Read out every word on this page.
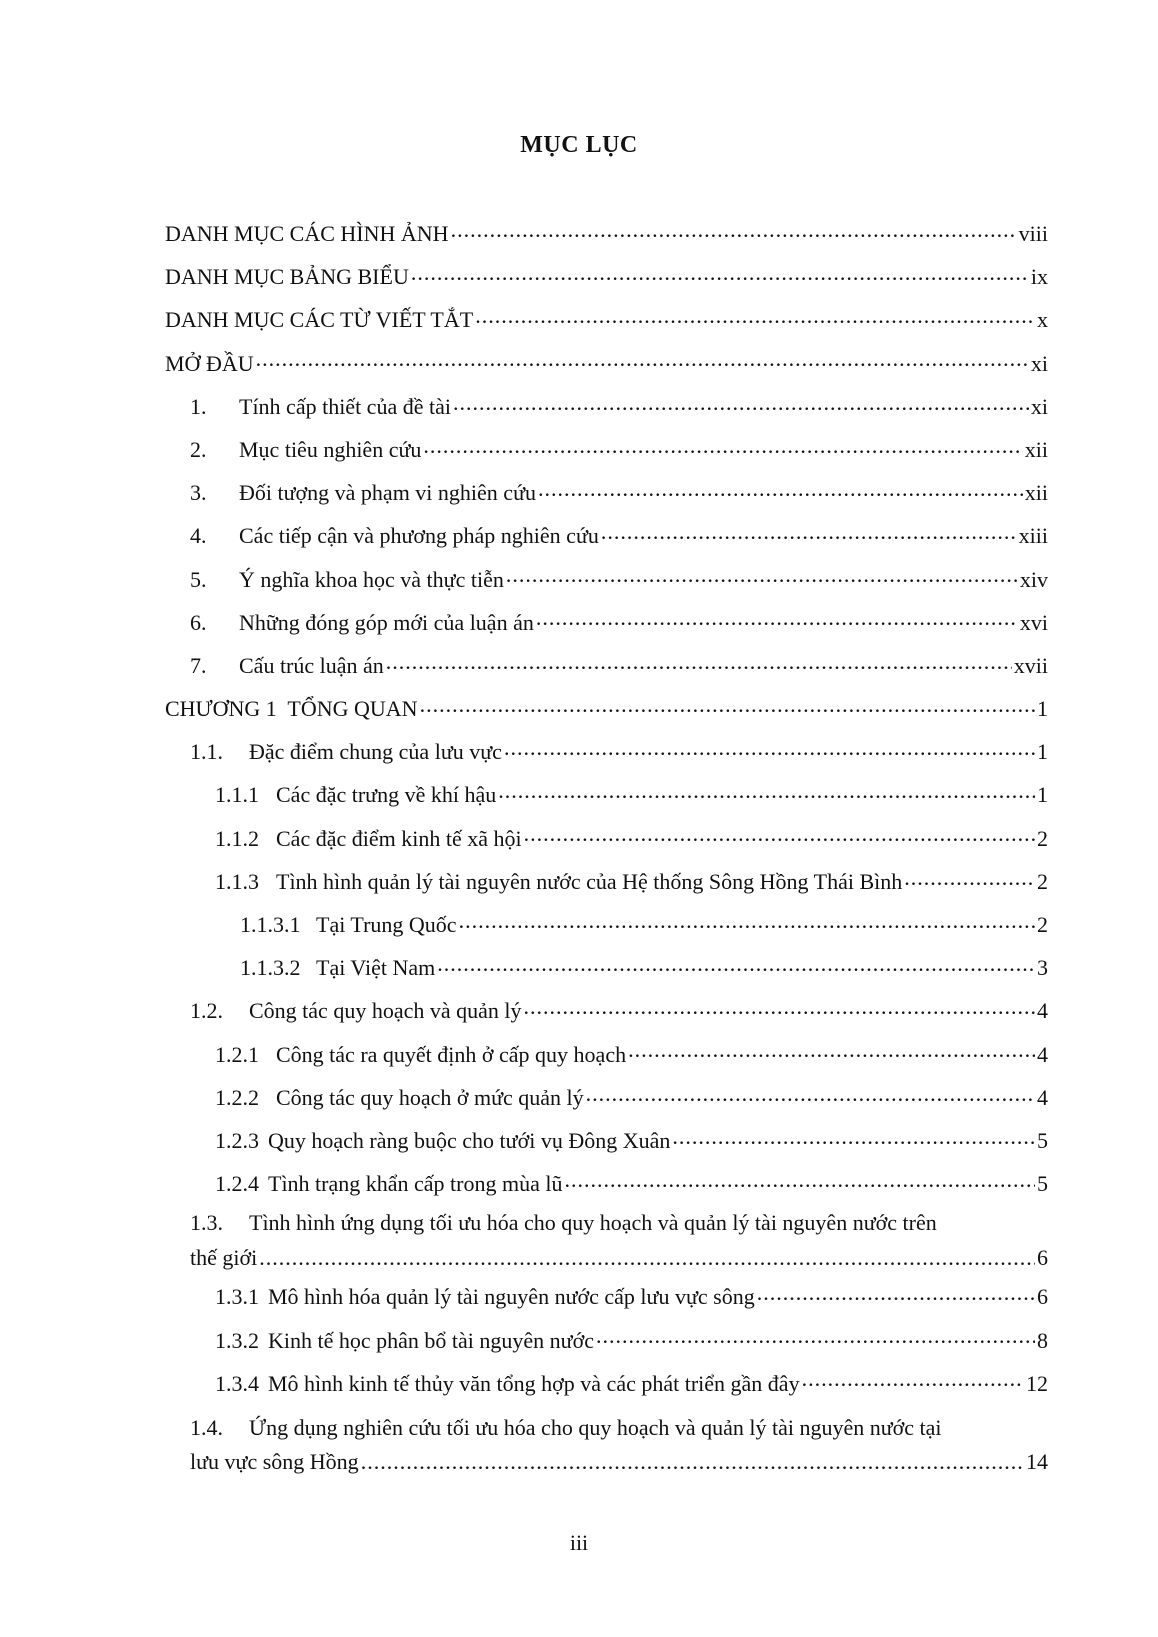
MỤC LỤC
DANH MỤC CÁC HÌNH ẢNH .....	viii
DANH MỤC BẢNG BIỂU .....	ix
DANH MỤC CÁC TỪ VIẾT TẮT .....	x
MỞ ĐẦU .....	xi
1.	Tính cấp thiết của đề tài .....	xi
2.	Mục tiêu nghiên cứu .....	xii
3.	Đối tượng và phạm vi nghiên cứu .....	xii
4.	Các tiếp cận và phương pháp nghiên cứu .....	xiii
5.	Ý nghĩa khoa học và thực tiễn .....	xiv
6.	Những đóng góp mới của luận án .....	xvi
7.	Cấu trúc luận án .....	xvii
CHƯƠNG 1  TỔNG QUAN .....	1
1.1.	Đặc điểm chung của lưu vực .....	1
1.1.1 Các đặc trưng về khí hậu .....	1
1.1.2 Các đặc điểm kinh tế xã hội .....	2
1.1.3 Tình hình quản lý tài nguyên nước của Hệ thống Sông Hồng Thái Bình .....	2
1.1.3.1 Tại Trung Quốc .....	2
1.1.3.2 Tại Việt Nam .....	3
1.2.	Công tác quy hoạch và quản lý .....	4
1.2.1 Công tác ra quyết định ở cấp quy hoạch .....	4
1.2.2 Công tác quy hoạch ở mức quản lý .....	4
1.2.3 Quy hoạch ràng buộc cho tưới vụ Đông Xuân .....	5
1.2.4 Tình trạng khẩn cấp trong mùa lũ .....	5
1.3. Tình hình ứng dụng tối ưu hóa cho quy hoạch và quản lý tài nguyên nước trên
thế giới .....	6
1.3.1 Mô hình hóa quản lý tài nguyên nước cấp lưu vực sông .....	6
1.3.2 Kinh tế học phân bổ tài nguyên nước .....	8
1.3.4 Mô hình kinh tế thủy văn tổng hợp và các phát triển gần đây .....	12
1.4. Ứng dụng nghiên cứu tối ưu hóa cho quy hoạch và quản lý tài nguyên nước tại
lưu vực sông Hồng .....	14
iii
